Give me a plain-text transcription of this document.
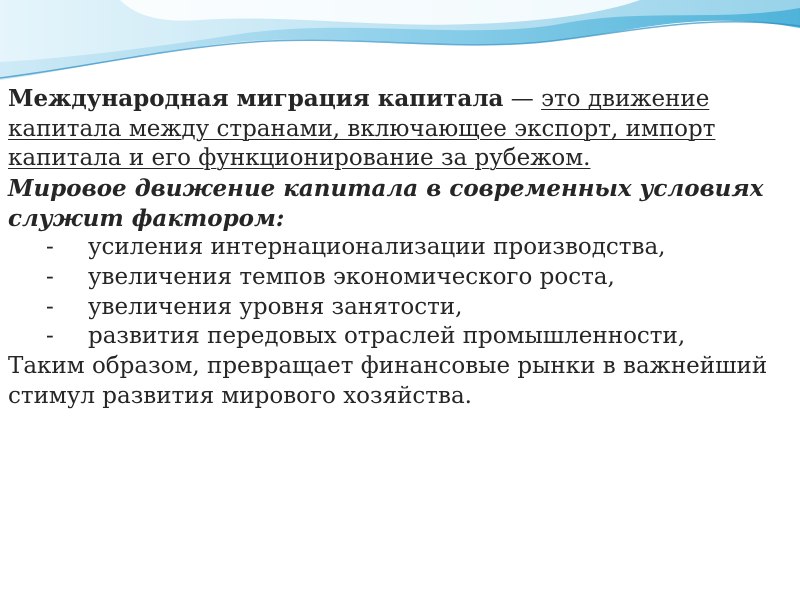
Международная миграция капитала — это движение капитала между странами, включающее экспорт, импорт капитала и его функционирование за рубежом.

Мировое движение капитала в современных условиях служит фактором:

-	усиления интернационализации производства,
-	увеличения темпов экономического роста,
-	увеличения уровня занятости,
-	развития передовых отраслей промышленности,

Таким образом, превращает финансовые рынки в важнейший стимул развития мирового хозяйства.
